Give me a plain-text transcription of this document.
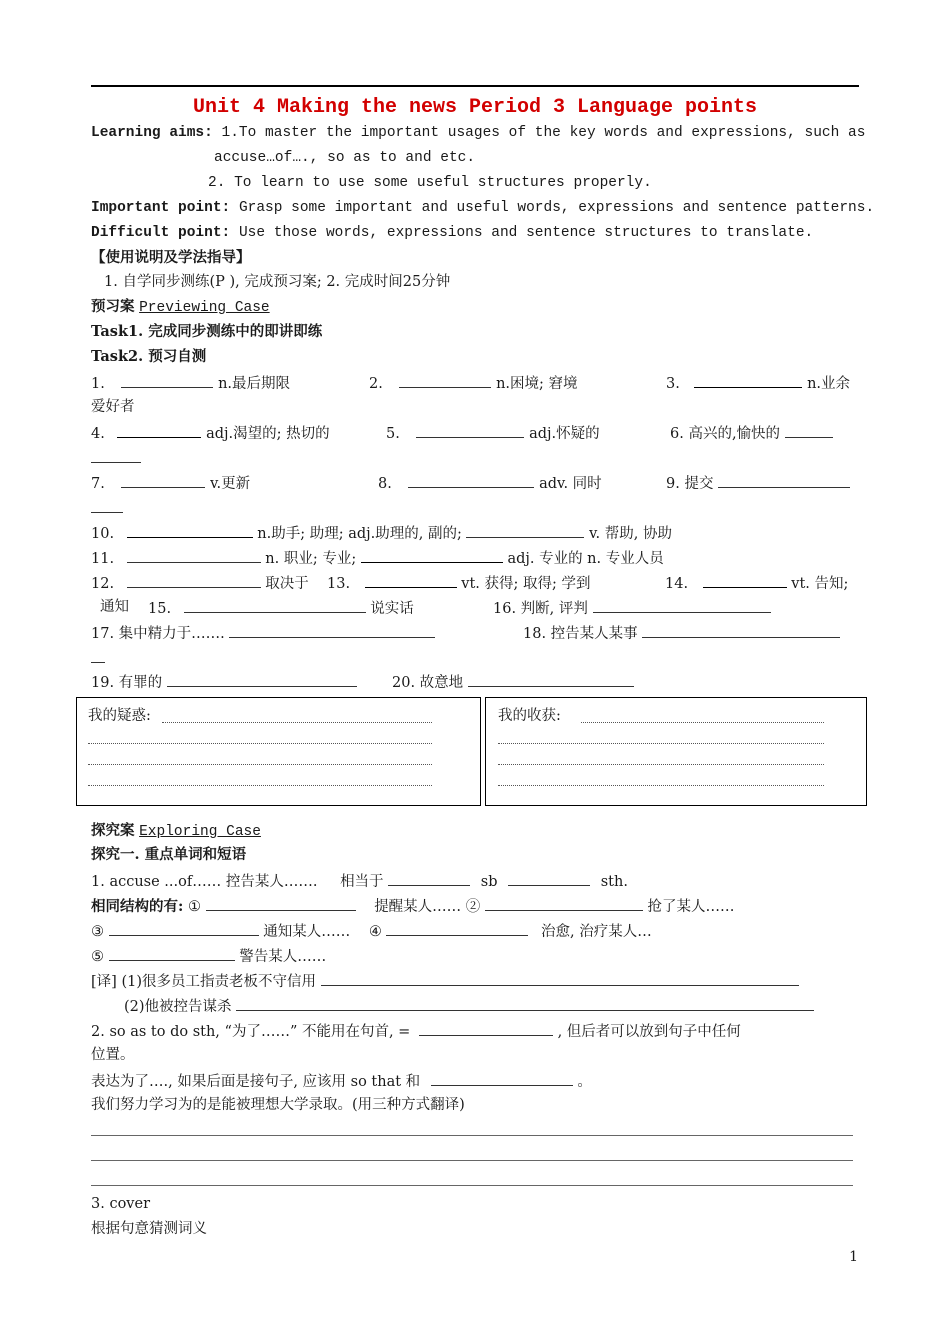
Unit 4 Making the news Period 3 Language points
Learning aims: 1.To master the important usages of the key words and expressions, such as
accuse…of…., so as to and etc.
2. To learn to use some useful structures properly.
Important point: Grasp some important and useful words, expressions and sentence patterns.
Difficult point: Use those words, expressions and sentence structures to translate.
【使用说明及学法指导】
1. 自学同步测练(P ), 完成预习案; 2. 完成时间25分钟
预习案 Previewing Case
Task1. 完成同步测练中的即讲即练
Task2. 预习自测
1.	n.最后期限	2.	n.困境; 窘境	3.	n.业余
爱好者
4.	adj.渴望的; 热切的	5.	adj.怀疑的	6. 高兴的,愉快的
7.	v.更新	8.	adv. 同时	9. 提交
10.	n.助手; 助理; adj.助理的, 副的;	v. 帮助, 协助
11.	n. 职业; 专业;	adj. 专业的 n. 专业人员
12.	取决于 13.	vt. 获得; 取得; 学到	14.	vt. 告知;
通知 15.	说实话	16. 判断, 评判
17. 集中精力于…….	18. 控告某人某事
19. 有罪的	20. 故意地
我的疑惑:	我的收获:
探究案 Exploring Case
探究一. 重点单词和短语
1. accuse ...of…… 控告某人……. 相当于	sb	sth.
相同结构的有: ①	提醒某人…… ②	抢了某人……
③	通知某人…… ④	治愈, 治疗某人…
⑤	警告某人……
[译] (1)很多员工指责老板不守信用
(2)他被控告谋杀
2. so as to do sth, “为了……” 不能用在句首, =	, 但后者可以放到句子中任何
位置。
表达为了…., 如果后面是接句子, 应该用 so that 和	。
我们努力学习为的是能被理想大学录取。(用三种方式翻译)
3. cover
根据句意猜测词义
1
